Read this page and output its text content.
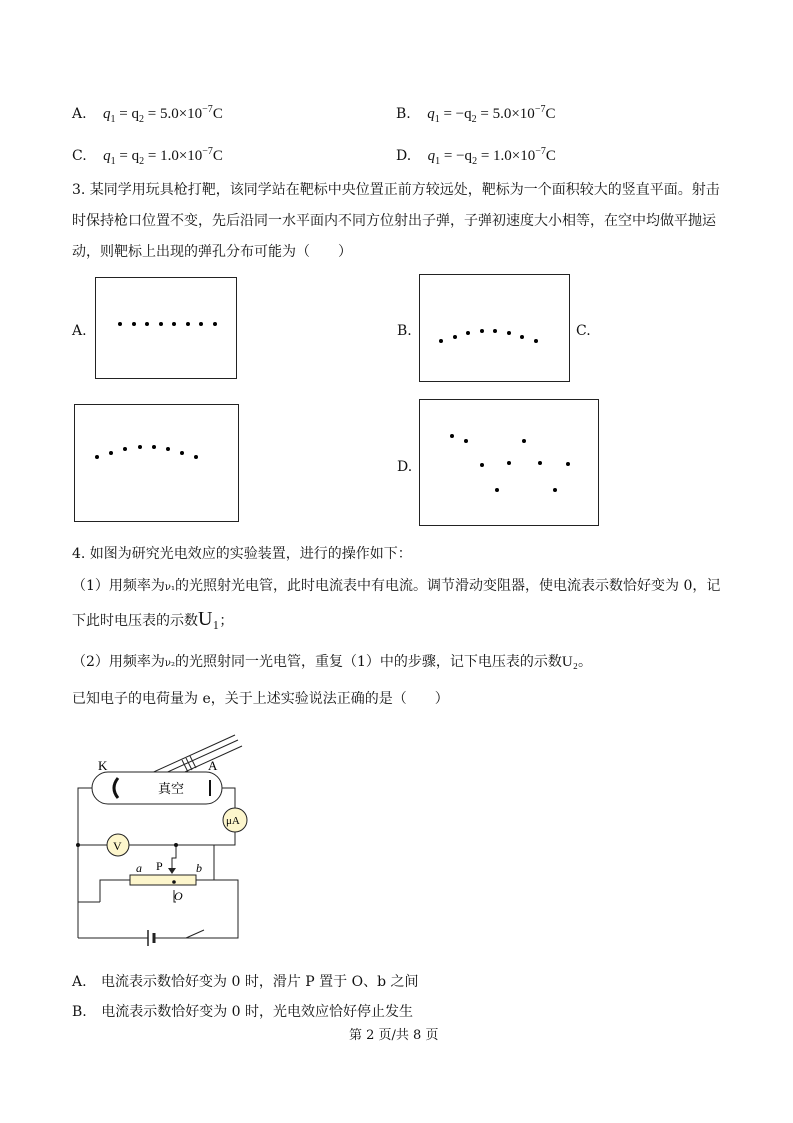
A. $q_1 = q_2 = 5.0\times 10^{-7}C$	B. $q_1 = -q_2 = 5.0\times 10^{-7}C$
C. $q_1 = q_2 = 1.0\times 10^{-7}C$	D. $q_1 = -q_2 = 1.0\times 10^{-7}C$
3. 某同学用玩具枪打靶，该同学站在靶标中央位置正前方较远处，靶标为一个面积较大的竖直平面。射击
时保持枪口位置不变，先后沿同一水平面内不同方位射出子弹，子弹初速度大小相等，在空中均做平抛运
动，则靶标上出现的弹孔分布可能为（　　）
A.	B.	C.
D.
4. 如图为研究光电效应的实验装置，进行的操作如下：
（1）用频率为ν₁的光照射光电管，此时电流表中有电流。调节滑动变阻器，使电流表示数恰好变为 0，记
下此时电压表的示数U₁；
（2）用频率为ν₂的光照射同一光电管，重复（1）中的步骤，记下电压表的示数U₂。
已知电子的电荷量为 e，关于上述实验说法正确的是（　　）
K	A
真空
μA
V
a P	b
O
A. 电流表示数恰好变为 0 时，滑片 P 置于 O、b 之间
B. 电流表示数恰好变为 0 时，光电效应恰好停止发生
第 2 页/共 8 页
